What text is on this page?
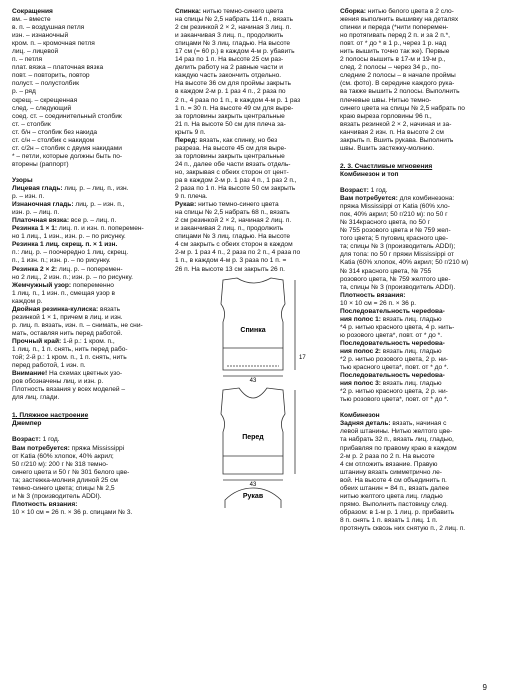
Сокращения
вм. – вместе
в. п. – воздушная петля
изн. – изнаночный
кром. п. – кромочная петля
лиц. – лицевой
п. – петля
плат. вязка – платочная вязка
повт. – повторить, повтор
полуст. – полустолбик
р. – ряд
скрещ. – скрещенная
след. – следующий
соед. ст. – соединительный столбик
ст. – столбик
ст. б/н – столбик без накида
ст. с/н – столбик с накидом
ст. с/2н – столбик с двумя накидами
* – петли, которые должны быть по-
вторены (раппорт)

Узоры
Лицевая гладь: лиц. р. – лиц. п., изн.
р. – изн. п.
Изнаночная гладь: лиц. р. – изн. п.,
изн. р. – лиц. п.
Платочная вязка: все р. – лиц. п.
Резинка 1 × 1: лиц. п. и изн. п. поперемен-
но 1 лиц., 1 изн., изн. р. – по рисунку.
Резинка 1 лиц. скрещ. п. × 1 изн.
п.: лиц. р. – поочередно 1 лиц. скрещ.
п., 1 изн. п.; изн. р. – по рисунку.
Резинка 2 × 2: лиц. р. – поперемен-
но 2 лиц., 2 изн. п.; изн. р. – по рисунку.
Жемчужный узор: попеременно
1 лиц. п., 1 изн. п., смещая узор в
каждом р.
Двойная резинка-кулиска: вязать
резинкой 1 × 1, причем в лиц. и изн.
р. лиц. п. вязать, изн. п. – снимать, не сни-
мать, оставляя нить перед работой.
Прочный край: 1-й р.: 1 кром. п.,
1 лиц. п., 1 п. снять, нить перед рабо-
той; 2-й р.: 1 кром. п., 1 п. снять, нить
перед работой, 1 изн. п.
Внимание! На схемах цветных узо-
ров обозначены лиц. и изн. р.
Плотность вязания у всех моделей –
для лиц. глади.
1. Пляжное настроение
Джемпер
Возраст: 1 год.
Вам потребуется: пряжа Mississippi
от Katia (60% хлопок, 40% акрил;
50 г/210 м): 200 г № 318 темно-
синего цвета и 50 г № 301 белого цве-
та; застежка-молния длиной 25 см
темно-синего цвета; спицы № 2,5
и № 3 (производитель ADDI).
Плотность вязания:
10 × 10 см = 26 п. × 36 р. спицами № 3.
Спинка: нитью темно-синего цвета
на спицы № 2,5 набрать 114 п., вязать
2 см резинкой 2 × 2, начиная 3 лиц. п.
и заканчивая 3 лиц. п., продолжить
спицами № 3 лиц. гладью. На высоте
17 см (= 60 р.) в каждом 4-м р. убавить
14 раз по 1 п. На высоте 25 см раз-
делить работу на 2 равные части и
каждую часть закончить отдельно.
На высоте 36 см для проймы закрыть
в каждом 2-м р. 1 раз 4 п., 2 раза по
2 п., 4 раза по 1 п., в каждом 4-м р. 1 раз
1 п. = 30 п. На высоте 49 см для выре-
за горловины закрыть центральные
21 п. На высоте 50 см для плеча за-
крыть 9 п.
Перед: вязать, как спинку, но без
разреза. На высоте 45 см для выре-
за горловины закрыть центральные
24 п., далее обе части вязать отдель-
но, закрывая с обеих сторон от цент-
ра в каждом 2-м р. 1 раз 4 п., 1 раз 2 п.,
2 раза по 1 п. На высоте 50 см закрыть
9 п. плеча.
Рукав: нитью темно-синего цвета
на спицы № 2,5 набрать 68 п., вязать
2 см резинкой 2 × 2, начиная 2 лиц. п.
и заканчивая 2 лиц. п., продолжить
спицами № 3 лиц. гладью. На высоте
4 см закрыть с обеих сторон в каждом
2-м р. 1 раз 4 п., 2 раза по 2 п., 4 раза по
1 п., в каждом 4-м р. 3 раза по 1 п. =
26 п. На высоте 13 см закрыть 26 п.
Спинка
43
17
Перед
43
Рукав
Сборка: нитью белого цвета в 2 сло-
жения выполнить вышивку на деталях
спинки и переда (*нити поперемен-
но протягивать перед 2 п. и за 2 п.*,
повт. от * до * в 1 р., через 1 р. над
нить вышить точно так же). Первые
2 полосы вышить в 17-м и 19-м р.,
след. 2 полосы – через 34 р., по-
следние 2 полосы – в начале проймы
(см. фото). В середине каждого рука-
ва также вышить 2 полосы. Выполнить
плечевые швы. Нитью темно-
синего цвета на спицы № 2,5 набрать по
краю выреза горловины 96 п.,
вязать резинкой 2 × 2, начиная и за-
канчивая 2 изн. п. На высоте 2 см
закрыть п. Вшить рукава. Выполнить
швы. Вшить застежку-молнию.
2. 3. Счастливые мгновения
Комбинезон и топ
Возраст: 1 год.
Вам потребуется: для комбинезона:
пряжа Mississippi от Katia (60% хло-
пок, 40% акрил; 50 г/210 м): по 50 г
№ 314красного цвета, по 50 г
№ 755 розового цвета и № 759 жел-
того цвета; 5 пуговиц красного цве-
та; спицы № 3 (производитель ADDI);
для топа: по 50 г пряжи Mississippi от
Katia (60% хлопок, 40% акрил; 50 г/210 м)
№ 314 красного цвета, № 755
розового цвета, № 759 желтого цве-
та, спицы № 3 (производитель ADDI).
Плотность вязания:
10 × 10 см = 26 п. × 36 р.
Последовательность череdова-
ния полос 1: вязать лиц. гладью
*4 р. нитью красного цвета, 4 р. нить-
ю розового цвета*, повт. от * до *.
Последовательность череdова-
ния полос 2: вязать лиц. гладью
*2 р. нитью розового цвета, 2 р. ни-
тью красного цвета*, повт. от * до *.
Последовательность череdова-
ния полос 3: вязать лиц. гладью
*2 р. нитью красного цвета, 2 р. ни-
тью розового цвета*, повт. от * до *.

Комбинезон
Задняя деталь: вязать, начиная с
левой штанины. Нитью желтого цве-
та набрать 32 п., вязать лиц. гладью,
прибавляя по правому краю в каждом
2-м р. 2 раза по 2 п. На высоте
4 см отложить вязание. Правую
штанину вязать симметрично ле-
вой. На высоте 4 см объединить п.
обеих штанин = 84 п., вязать далее
нитью желтого цвета лиц. гладью
прямо. Выполнить пастовицу след.
образом: в 1-м р. 1 лиц. р. прибавить
8 п. снять 1 п. вязать 1 лиц. 1 п.
протянуть сквозь них снятую п., 2 лиц. п.
9
